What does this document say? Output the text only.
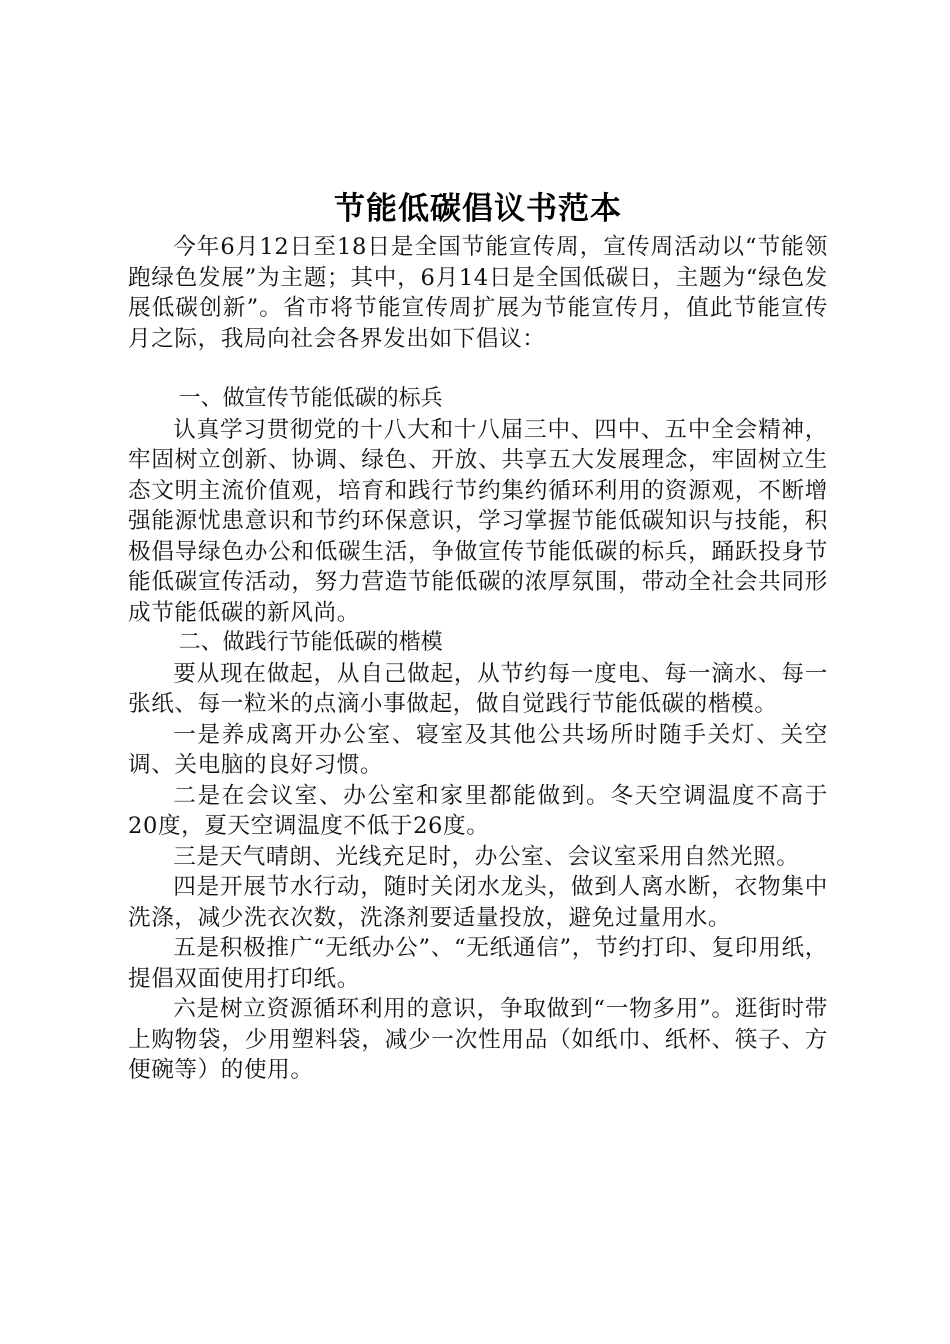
节能低碳倡议书范本

今年6月12日至18日是全国节能宣传周，宣传周活动以“节能领跑绿色发展”为主题；其中，6月14日是全国低碳日，主题为“绿色发展低碳创新”。省市将节能宣传周扩展为节能宣传月，值此节能宣传月之际，我局向社会各界发出如下倡议：

一、做宣传节能低碳的标兵

认真学习贯彻党的十八大和十八届三中、四中、五中全会精神，牢固树立创新、协调、绿色、开放、共享五大发展理念，牢固树立生态文明主流价值观，培育和践行节约集约循环利用的资源观，不断增强能源忧患意识和节约环保意识，学习掌握节能低碳知识与技能，积极倡导绿色办公和低碳生活，争做宣传节能低碳的标兵，踊跃投身节能低碳宣传活动，努力营造节能低碳的浓厚氛围，带动全社会共同形成节能低碳的新风尚。

二、做践行节能低碳的楷模

要从现在做起，从自己做起，从节约每一度电、每一滴水、每一张纸、每一粒米的点滴小事做起，做自觉践行节能低碳的楷模。

一是养成离开办公室、寝室及其他公共场所时随手关灯、关空调、关电脑的良好习惯。

二是在会议室、办公室和家里都能做到。冬天空调温度不高于20度，夏天空调温度不低于26度。

三是天气晴朗、光线充足时，办公室、会议室采用自然光照。

四是开展节水行动，随时关闭水龙头，做到人离水断，衣物集中洗涤，减少洗衣次数，洗涤剂要适量投放，避免过量用水。

五是积极推广“无纸办公”、“无纸通信”，节约打印、复印用纸，提倡双面使用打印纸。

六是树立资源循环利用的意识，争取做到“一物多用”。逛街时带上购物袋，少用塑料袋，减少一次性用品（如纸巾、纸杯、筷子、方便碗等）的使用。
